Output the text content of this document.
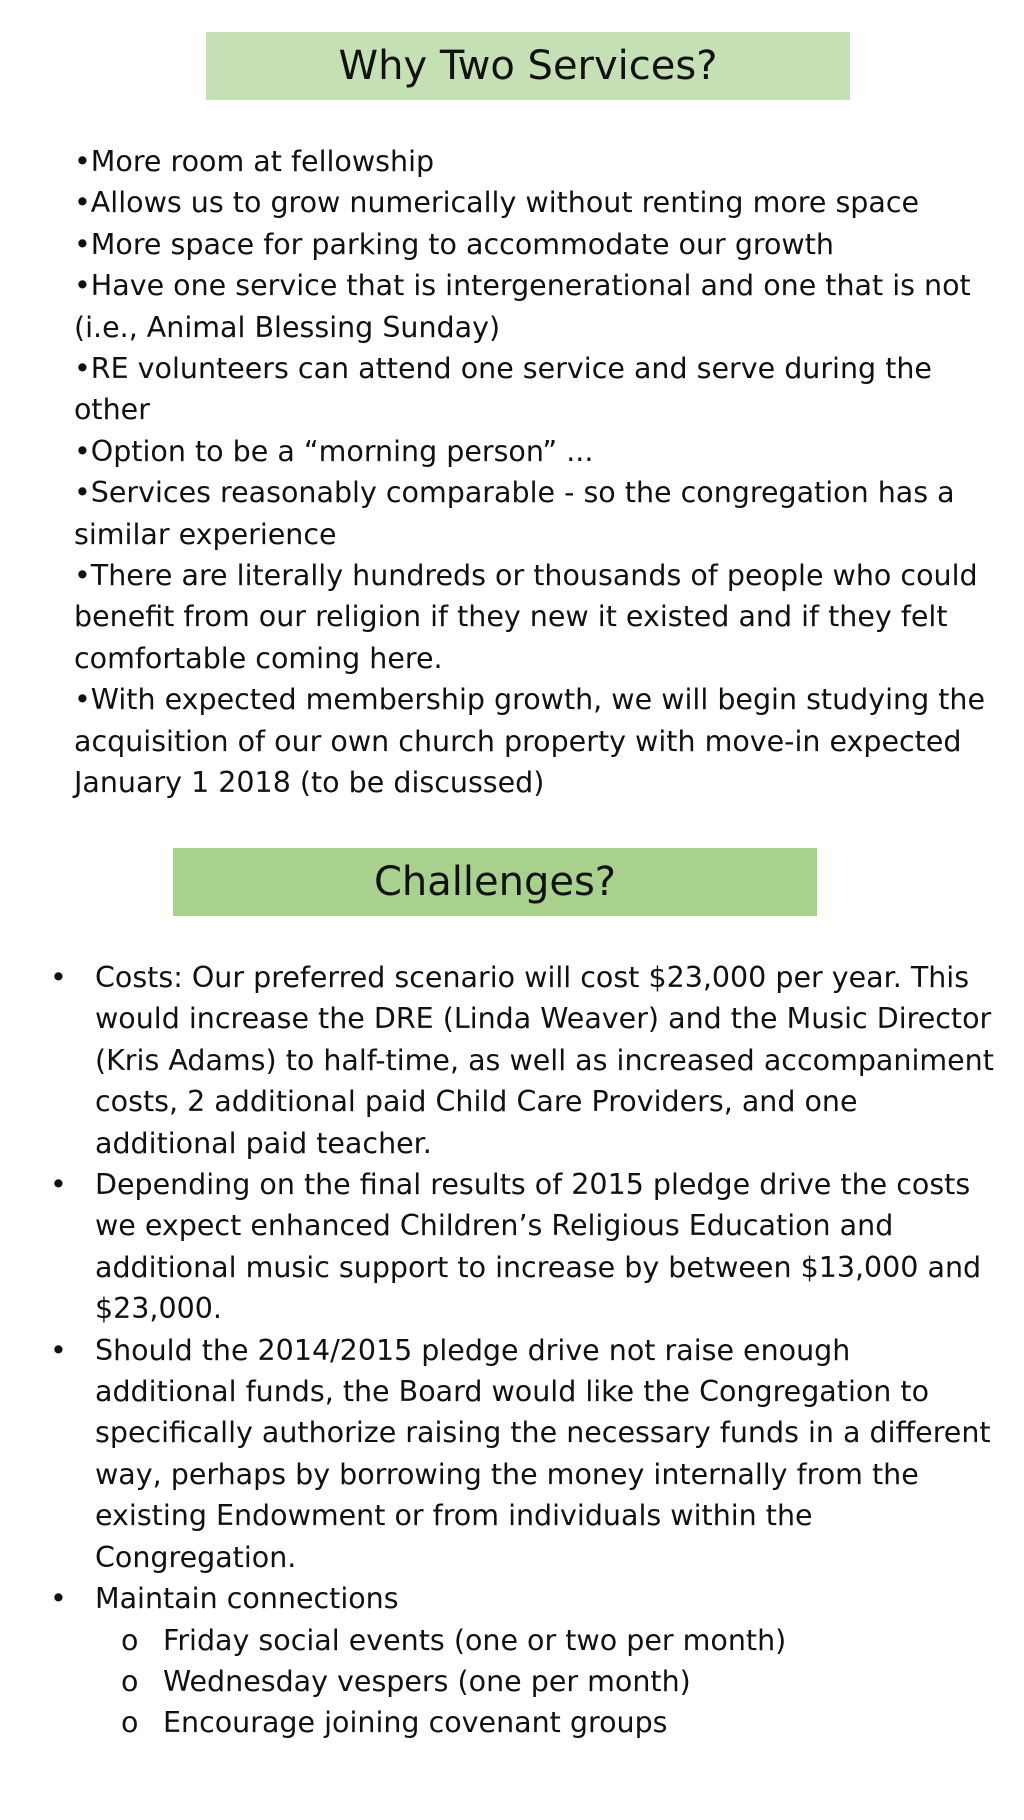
Why Two Services?
•More room at fellowship
•Allows us to grow numerically without renting more space
•More space for parking to accommodate our growth
•Have one service that is intergenerational and one that is not (i.e., Animal Blessing Sunday)
•RE volunteers can attend one service and serve during the other
•Option to be a “morning person” ...
•Services reasonably comparable - so the congregation has a similar experience
•There are literally hundreds or thousands of people who could benefit from our religion if they new it existed and if they felt comfortable coming here.
•With expected membership growth, we will begin studying the acquisition of our own church property with move-in expected January 1 2018 (to be discussed)
Challenges?
• Costs: Our preferred scenario will cost $23,000 per year. This would increase the DRE (Linda Weaver) and the Music Director (Kris Adams) to half-time, as well as increased accompaniment costs, 2 additional paid Child Care Providers, and one additional paid teacher.
• Depending on the final results of 2015 pledge drive the costs we expect enhanced Children’s Religious Education and additional music support to increase by between $13,000 and $23,000.
• Should the 2014/2015 pledge drive not raise enough additional funds, the Board would like the Congregation to specifically authorize raising the necessary funds in a different way, perhaps by borrowing the money internally from the existing Endowment or from individuals within the Congregation.
• Maintain connections
o Friday social events (one or two per month)
o Wednesday vespers (one per month)
o Encourage joining covenant groups
